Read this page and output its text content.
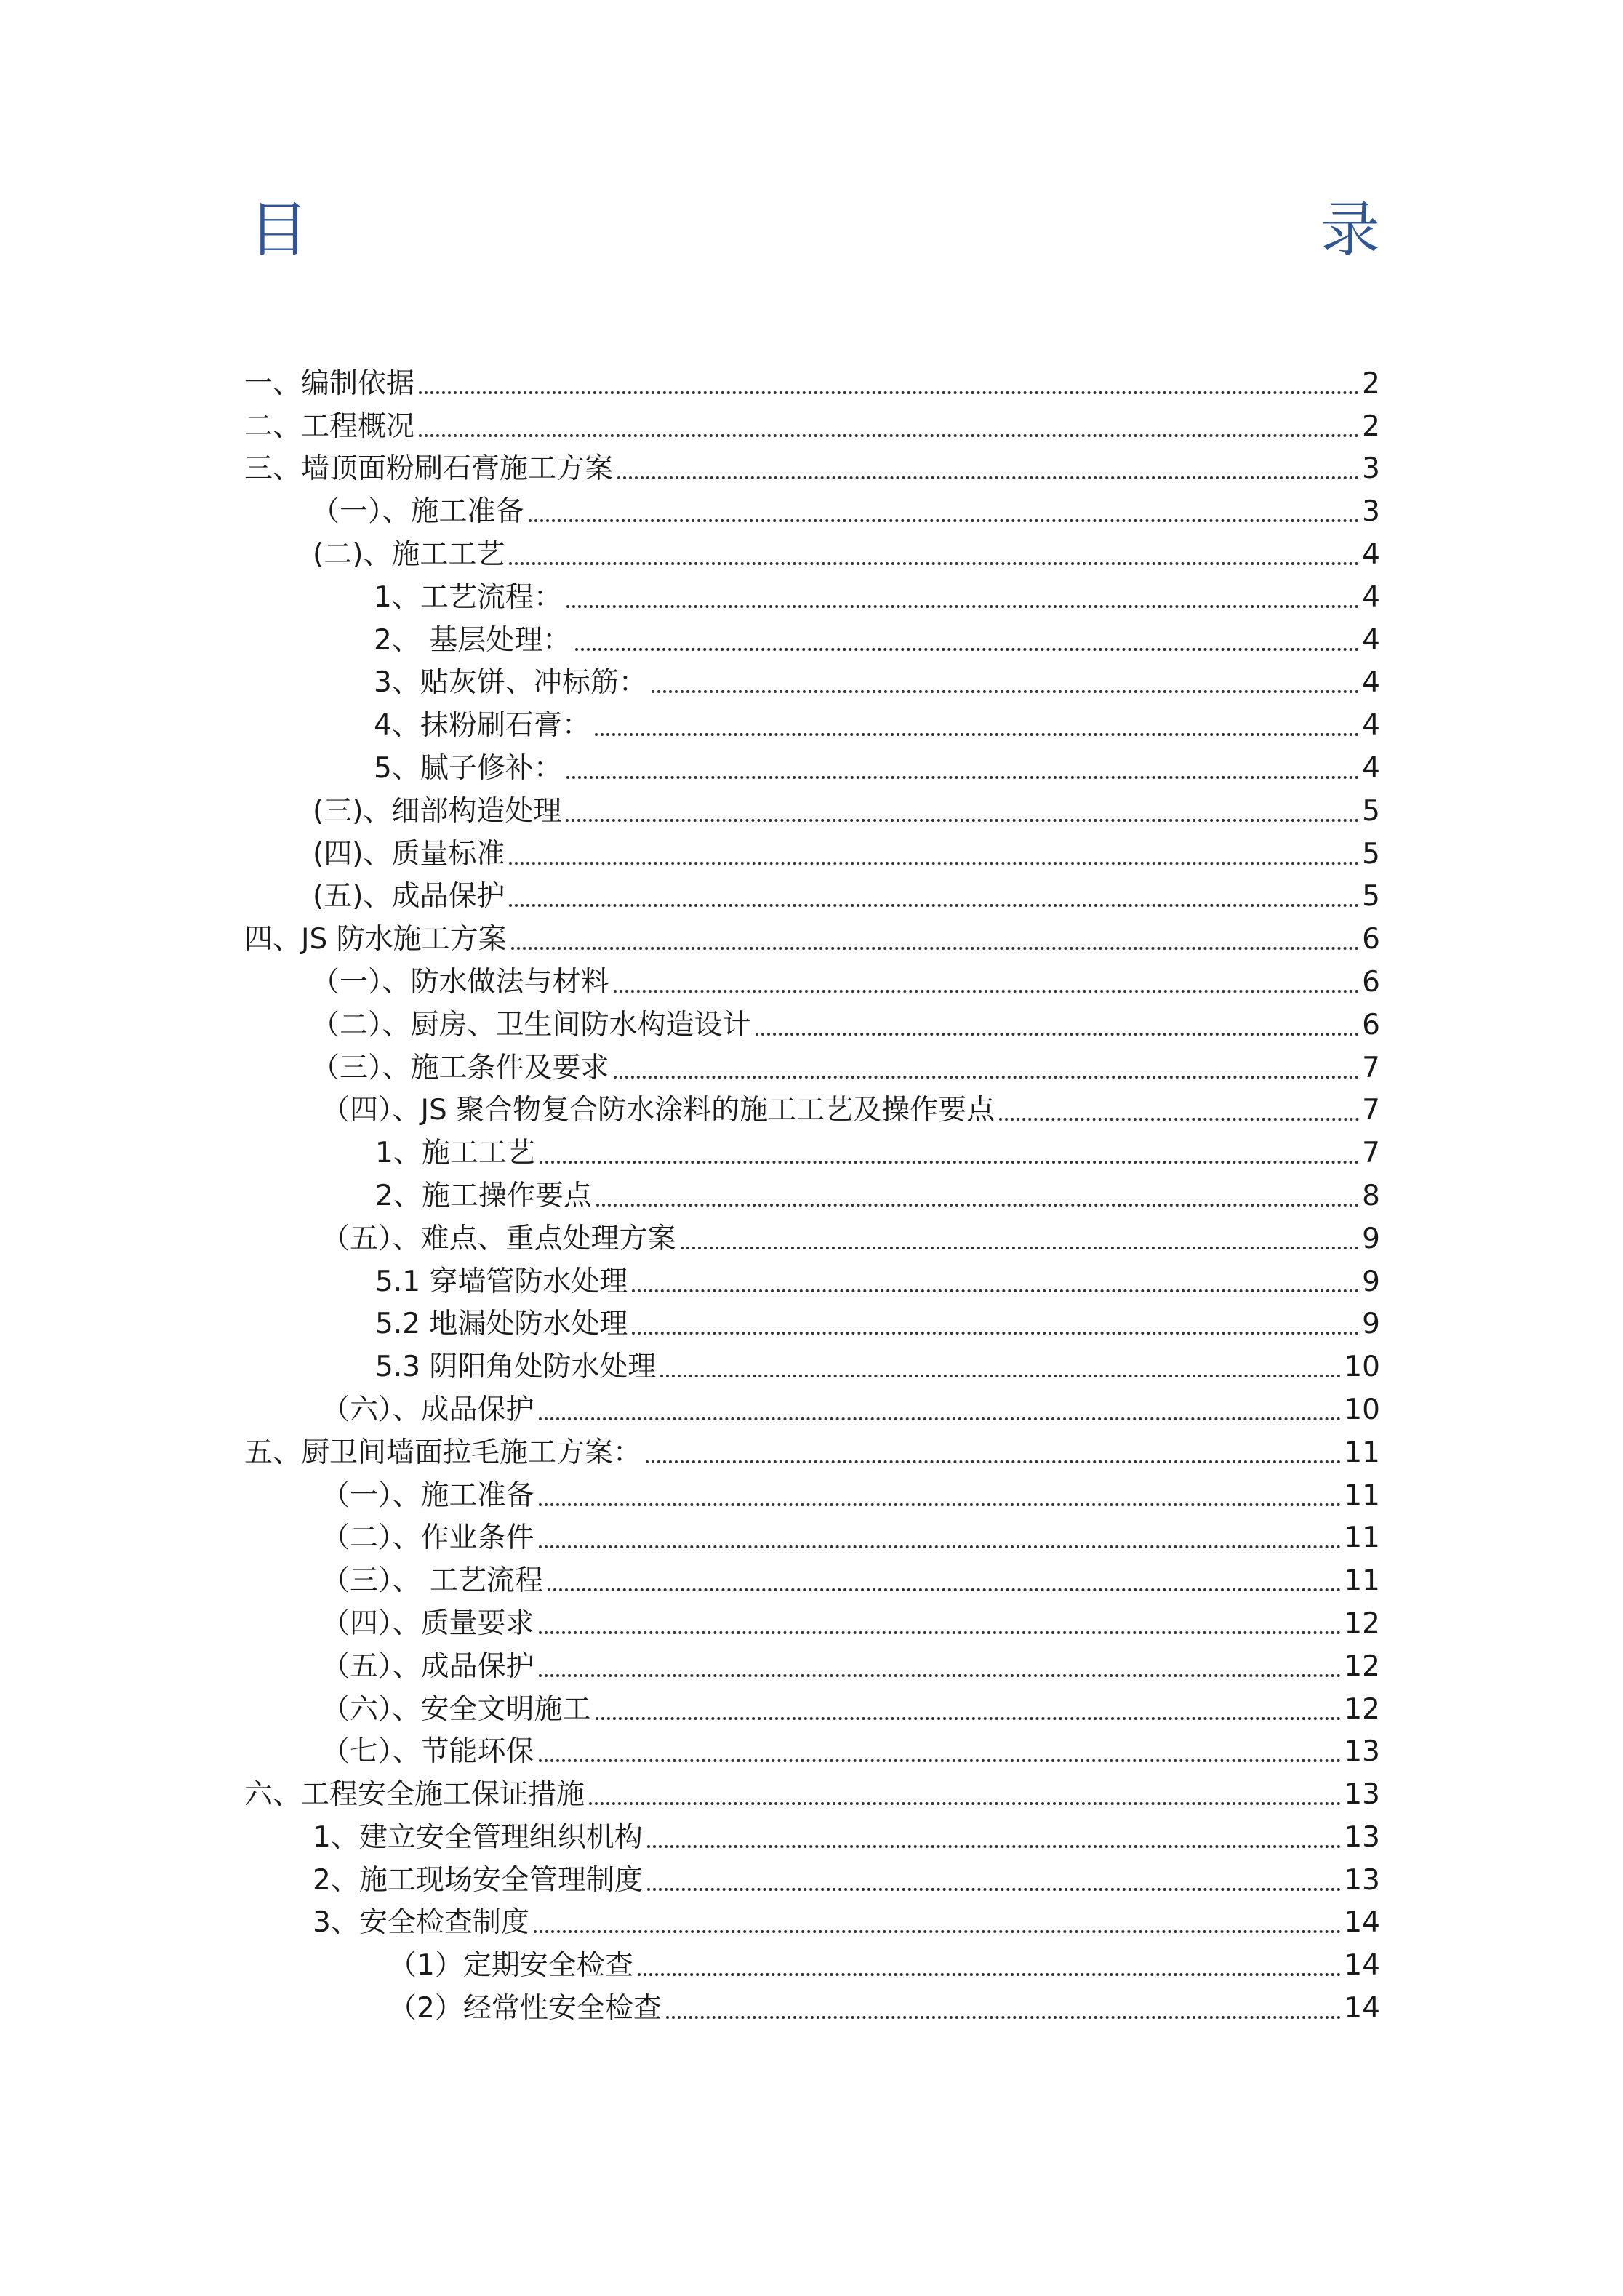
目	录
一、编制依据	2
二、工程概况	2
三、墙顶面粉刷石膏施工方案	3
（一）、施工准备	3
(二)、施工工艺	4
1、工艺流程：	4
2、 基层处理：	4
3、贴灰饼、冲标筋：	4
4、抹粉刷石膏：	4
5、腻子修补：	4
(三)、细部构造处理	5
(四)、质量标准	5
(五)、成品保护	5
四、JS 防水施工方案	6
（一）、防水做法与材料	6
（二）、厨房、卫生间防水构造设计	6
（三）、施工条件及要求	7
（四）、JS 聚合物复合防水涂料的施工工艺及操作要点	7
1、施工工艺	7
2、施工操作要点	8
（五）、难点、重点处理方案	9
5.1 穿墙管防水处理	9
5.2 地漏处防水处理	9
5.3 阴阳角处防水处理	10
（六）、成品保护	10
五、厨卫间墙面拉毛施工方案：	11
（一）、施工准备	11
（二）、作业条件	11
（三）、 工艺流程	11
（四）、质量要求	12
（五）、成品保护	12
（六）、安全文明施工	12
（七）、节能环保	13
六、工程安全施工保证措施	13
1、建立安全管理组织机构	13
2、施工现场安全管理制度	13
3、安全检查制度	14
（1）定期安全检查	14
（2）经常性安全检查	14
